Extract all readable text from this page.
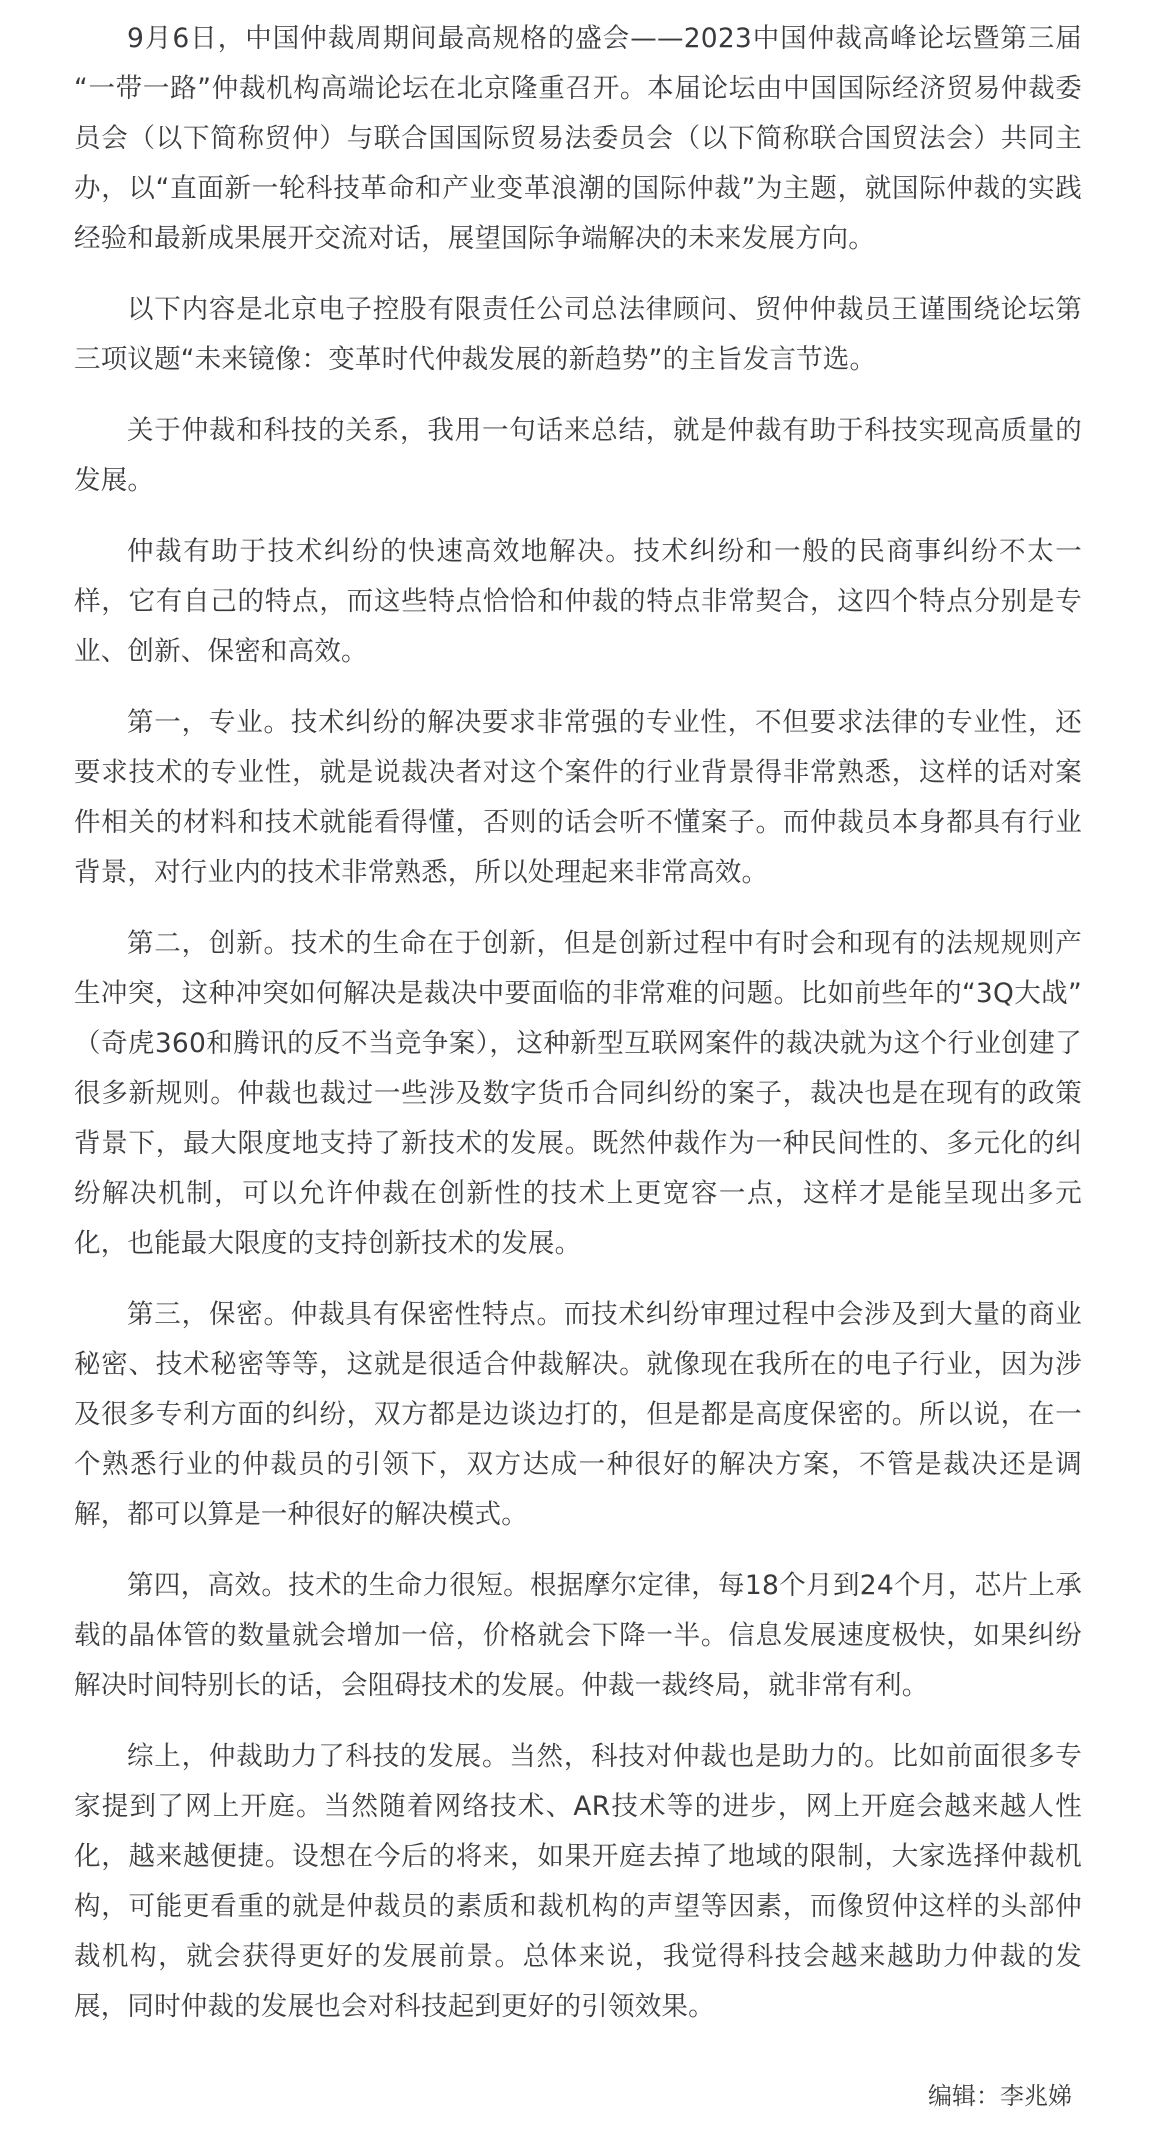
9月6日，中国仲裁周期间最高规格的盛会——2023中国仲裁高峰论坛暨第三届“一带一路”仲裁机构高端论坛在北京隆重召开。本届论坛由中国国际经济贸易仲裁委员会（以下简称贸仲）与联合国国际贸易法委员会（以下简称联合国贸法会）共同主办，以“直面新一轮科技革命和产业变革浪潮的国际仲裁”为主题，就国际仲裁的实践经验和最新成果展开交流对话，展望国际争端解决的未来发展方向。

以下内容是北京电子控股有限责任公司总法律顾问、贸仲仲裁员王谨围绕论坛第三项议题“未来镜像：变革时代仲裁发展的新趋势”的主旨发言节选。

关于仲裁和科技的关系，我用一句话来总结，就是仲裁有助于科技实现高质量的发展。

仲裁有助于技术纠纷的快速高效地解决。技术纠纷和一般的民商事纠纷不太一样，它有自己的特点，而这些特点恰恰和仲裁的特点非常契合，这四个特点分别是专业、创新、保密和高效。

第一，专业。技术纠纷的解决要求非常强的专业性，不但要求法律的专业性，还要求技术的专业性，就是说裁决者对这个案件的行业背景得非常熟悉，这样的话对案件相关的材料和技术就能看得懂，否则的话会听不懂案子。而仲裁员本身都具有行业背景，对行业内的技术非常熟悉，所以处理起来非常高效。

第二，创新。技术的生命在于创新，但是创新过程中有时会和现有的法规规则产生冲突，这种冲突如何解决是裁决中要面临的非常难的问题。比如前些年的“3Q大战”（奇虎360和腾讯的反不当竞争案），这种新型互联网案件的裁决就为这个行业创建了很多新规则。仲裁也裁过一些涉及数字货币合同纠纷的案子，裁决也是在现有的政策背景下，最大限度地支持了新技术的发展。既然仲裁作为一种民间性的、多元化的纠纷解决机制，可以允许仲裁在创新性的技术上更宽容一点，这样才是能呈现出多元化，也能最大限度的支持创新技术的发展。

第三，保密。仲裁具有保密性特点。而技术纠纷审理过程中会涉及到大量的商业秘密、技术秘密等等，这就是很适合仲裁解决。就像现在我所在的电子行业，因为涉及很多专利方面的纠纷，双方都是边谈边打的，但是都是高度保密的。所以说，在一个熟悉行业的仲裁员的引领下，双方达成一种很好的解决方案，不管是裁决还是调解，都可以算是一种很好的解决模式。

第四，高效。技术的生命力很短。根据摩尔定律，每18个月到24个月，芯片上承载的晶体管的数量就会增加一倍，价格就会下降一半。信息发展速度极快，如果纠纷解决时间特别长的话，会阻碍技术的发展。仲裁一裁终局，就非常有利。

综上，仲裁助力了科技的发展。当然，科技对仲裁也是助力的。比如前面很多专家提到了网上开庭。当然随着网络技术、AR技术等的进步，网上开庭会越来越人性化，越来越便捷。设想在今后的将来，如果开庭去掉了地域的限制，大家选择仲裁机构，可能更看重的就是仲裁员的素质和裁机构的声望等因素，而像贸仲这样的头部仲裁机构，就会获得更好的发展前景。总体来说，我觉得科技会越来越助力仲裁的发展，同时仲裁的发展也会对科技起到更好的引领效果。

编辑：李兆娣
